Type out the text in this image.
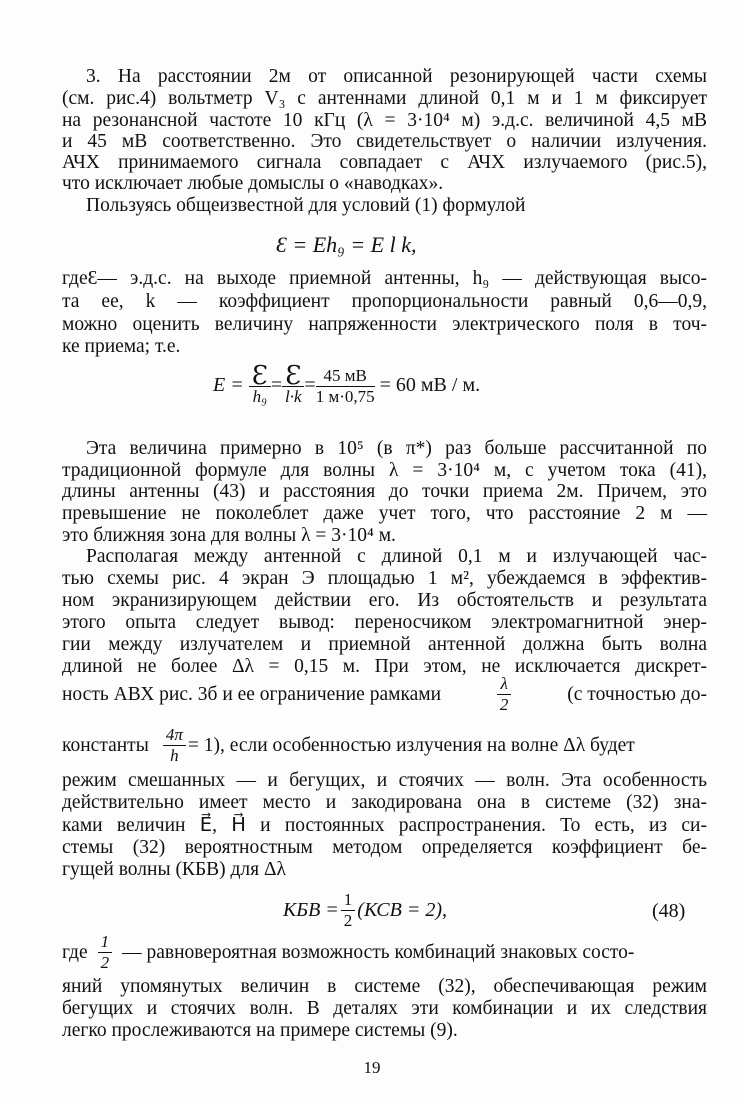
3. На расстоянии 2м от описанной резонирующей части схемы
(см. рис.4) вольтметр V₃ с антеннами длиной 0,1 м и 1 м фиксирует
на резонансной частоте 10 кГц (λ = 3·10⁴ м) э.д.с. величиной 4,5 мВ
и 45 мВ соответственно. Это свидетельствует о наличии излучения.
АЧХ принимаемого сигнала совпадает с АЧХ излучаемого (рис.5),
что исключает любые домыслы о «наводках».
Пользуясь общеизвестной для условий (1) формулой
Ɛ = Eh₉ = E l k,
гдеƐ— э.д.с. на выходе приемной антенны, h₉ — действующая высо-
та ее, k — коэффициент пропорциональности равный 0,6—0,9,
можно оценить величину напряженности электрического поля в точ-
ке приема; т.е.
$E = \frac{Ɛ}{\text{h₉}} = \frac{Ɛ}{l\cdot k} = \frac{45 мВ}{1 м\cdot 0,75} = 60$ мВ / м.
Эта величина примерно в 10⁵ (в π*) раз больше рассчитанной по
традиционной формуле для волны λ = 3·10⁴ м, с учетом тока (41),
длины антенны (43) и расстояния до точки приема 2м. Причем, это
превышение не поколеблет даже учет того, что расстояние 2 м —
это ближняя зона для волны λ = 3·10⁴ м.
Располагая между антенной с длиной 0,1 м и излучающей час-
тью схемы рис. 4 экран Э площадью 1 м², убеждаемся в эффектив-
ном экранизирующем действии его. Из обстоятельств и результата
этого опыта следует вывод: переносчиком электромагнитной энер-
гии между излучателем и приемной антенной должна быть волна
длиной не более Δλ = 0,15 м. При этом, не исключается дискрет-
ность АВХ рис. 3б и ее ограничение рамками	$\frac{\lambda}{2}$	(с точностью до-
константы $\frac{4\pi}{h} = 1$), если особенностью излучения на волне Δλ будет
режим смешанных — и бегущих, и стоячих — волн. Эта особенность
действительно имеет место и закодирована она в системе (32) зна-
ками величин E⃗, H⃗ и постоянных распространения. То есть, из си-
стемы (32) вероятностным методом определяется коэффициент бе-
гущей волны (КБВ) для Δλ
КБВ = $\frac{1}{2} (КСВ = 2)$,	(48)
где $\frac{1}{2}$ — равновероятная возможность комбинаций знаковых состо-
яний упомянутых величин в системе (32), обеспечивающая режим
бегущих и стоячих волн. В деталях эти комбинации и их следствия
легко прослеживаются на примере системы (9).
19
